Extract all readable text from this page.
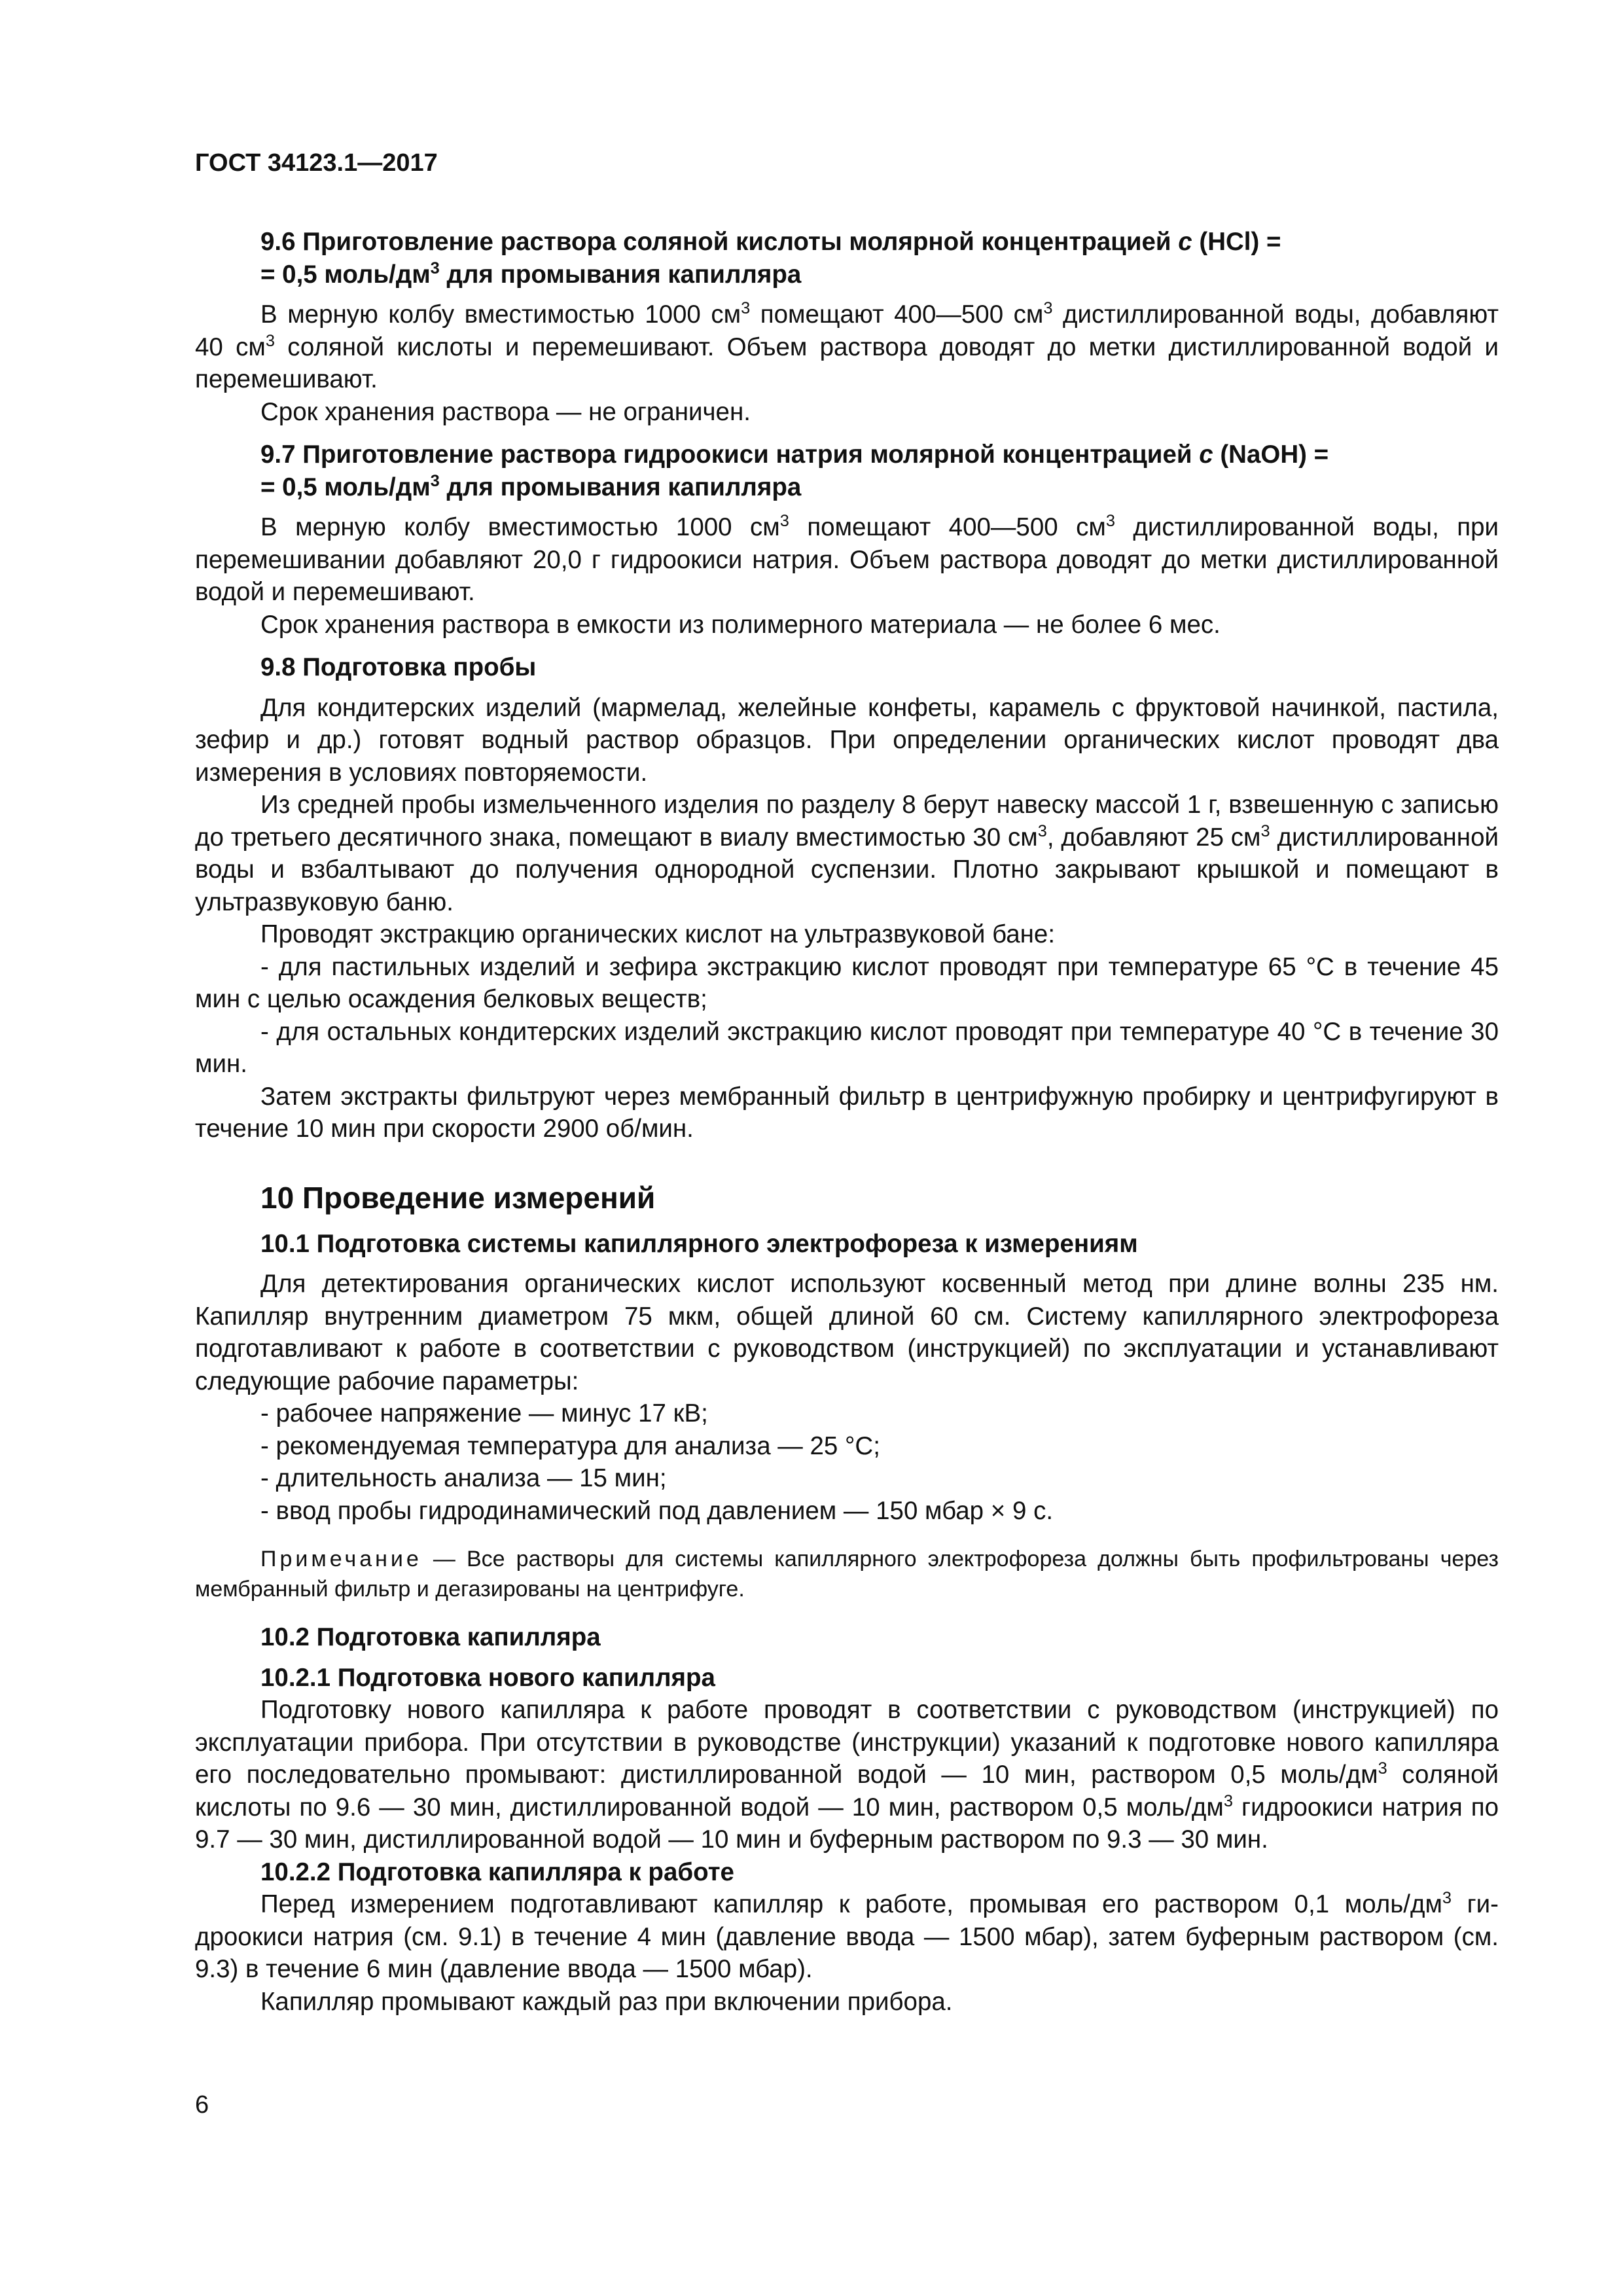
ГОСТ 34123.1—2017
9.6 Приготовление раствора соляной кислоты молярной концентрацией c (HCl) =
= 0,5 моль/$дм^3$ для промывания капилляра

В мерную колбу вместимостью 1000 $см^3$ помещают 400—500 $см^3$ дистиллированной воды, добавляют 40 $см^3$ соляной кислоты и перемешивают. Объем раствора доводят до метки дистиллированной водой и перемешивают.

Срок хранения раствора — не ограничен.

9.7 Приготовление раствора гидроокиси натрия молярной концентрацией c (NaOH) =
= 0,5 моль/$дм^3$ для промывания капилляра

В мерную колбу вместимостью 1000 $см^3$ помещают 400—500 $см^3$ дистиллированной воды, при перемешивании добавляют 20,0 г гидроокиси натрия. Объем раствора доводят до метки дистиллированной водой и перемешивают.

Срок хранения раствора в емкости из полимерного материала — не более 6 мес.

9.8 Подготовка пробы

Для кондитерских изделий (мармелад, желейные конфеты, карамель с фруктовой начинкой, пастила, зефир и др.) готовят водный раствор образцов. При определении органических кислот проводят два измерения в условиях повторяемости.

Из средней пробы измельченного изделия по разделу 8 берут навеску массой 1 г, взвешенную с записью до третьего десятичного знака, помещают в виалу вместимостью 30 $см^3$, добавляют 25 $см^3$ дистиллированной воды и взбалтывают до получения однородной суспензии. Плотно закрывают крышкой и помещают в ультразвуковую баню.

Проводят экстракцию органических кислот на ультразвуковой бане:

- для пастильных изделий и зефира экстракцию кислот проводят при температуре 65 °С в течение 45 мин с целью осаждения белковых веществ;

- для остальных кондитерских изделий экстракцию кислот проводят при температуре 40 °С в течение 30 мин.

Затем экстракты фильтруют через мембранный фильтр в центрифужную пробирку и центрифугируют в течение 10 мин при скорости 2900 об/мин.

10 Проведение измерений
10.1 Подготовка системы капиллярного электрофореза к измерениям

Для детектирования органических кислот используют косвенный метод при длине волны 235 нм. Капилляр внутренним диаметром 75 мкм, общей длиной 60 см. Систему капиллярного электрофореза подготавливают к работе в соответствии с руководством (инструкцией) по эксплуатации и устанавливают следующие рабочие параметры:

- рабочее напряжение — минус 17 кВ;

- рекомендуемая температура для анализа — 25 °С;

- длительность анализа — 15 мин;

- ввод пробы гидродинамический под давлением — 150 мбар × 9 с.

Примечание — Все растворы для системы капиллярного электрофореза должны быть профильтрованы через мембранный фильтр и дегазированы на центрифуге.

10.2 Подготовка капилляра
10.2.1 Подготовка нового капилляра

Подготовку нового капилляра к работе проводят в соответствии с руководством (инструкцией) по эксплуатации прибора. При отсутствии в руководстве (инструкции) указаний к подготовке нового капилляра его последовательно промывают: дистиллированной водой — 10 мин, раствором 0,5 моль/$дм^3$ соляной кислоты по 9.6 — 30 мин, дистиллированной водой — 10 мин, раствором 0,5 моль/$дм^3$ гидроокиси натрия по 9.7 — 30 мин, дистиллированной водой — 10 мин и буферным раствором по 9.3 — 30 мин.

10.2.2 Подготовка капилляра к работе

Перед измерением подготавливают капилляр к работе, промывая его раствором 0,1 моль/$дм^3$ гидроокиси натрия (см. 9.1) в течение 4 мин (давление ввода — 1500 мбар), затем буферным раствором (см. 9.3) в течение 6 мин (давление ввода — 1500 мбар).

Капилляр промывают каждый раз при включении прибора.

6
